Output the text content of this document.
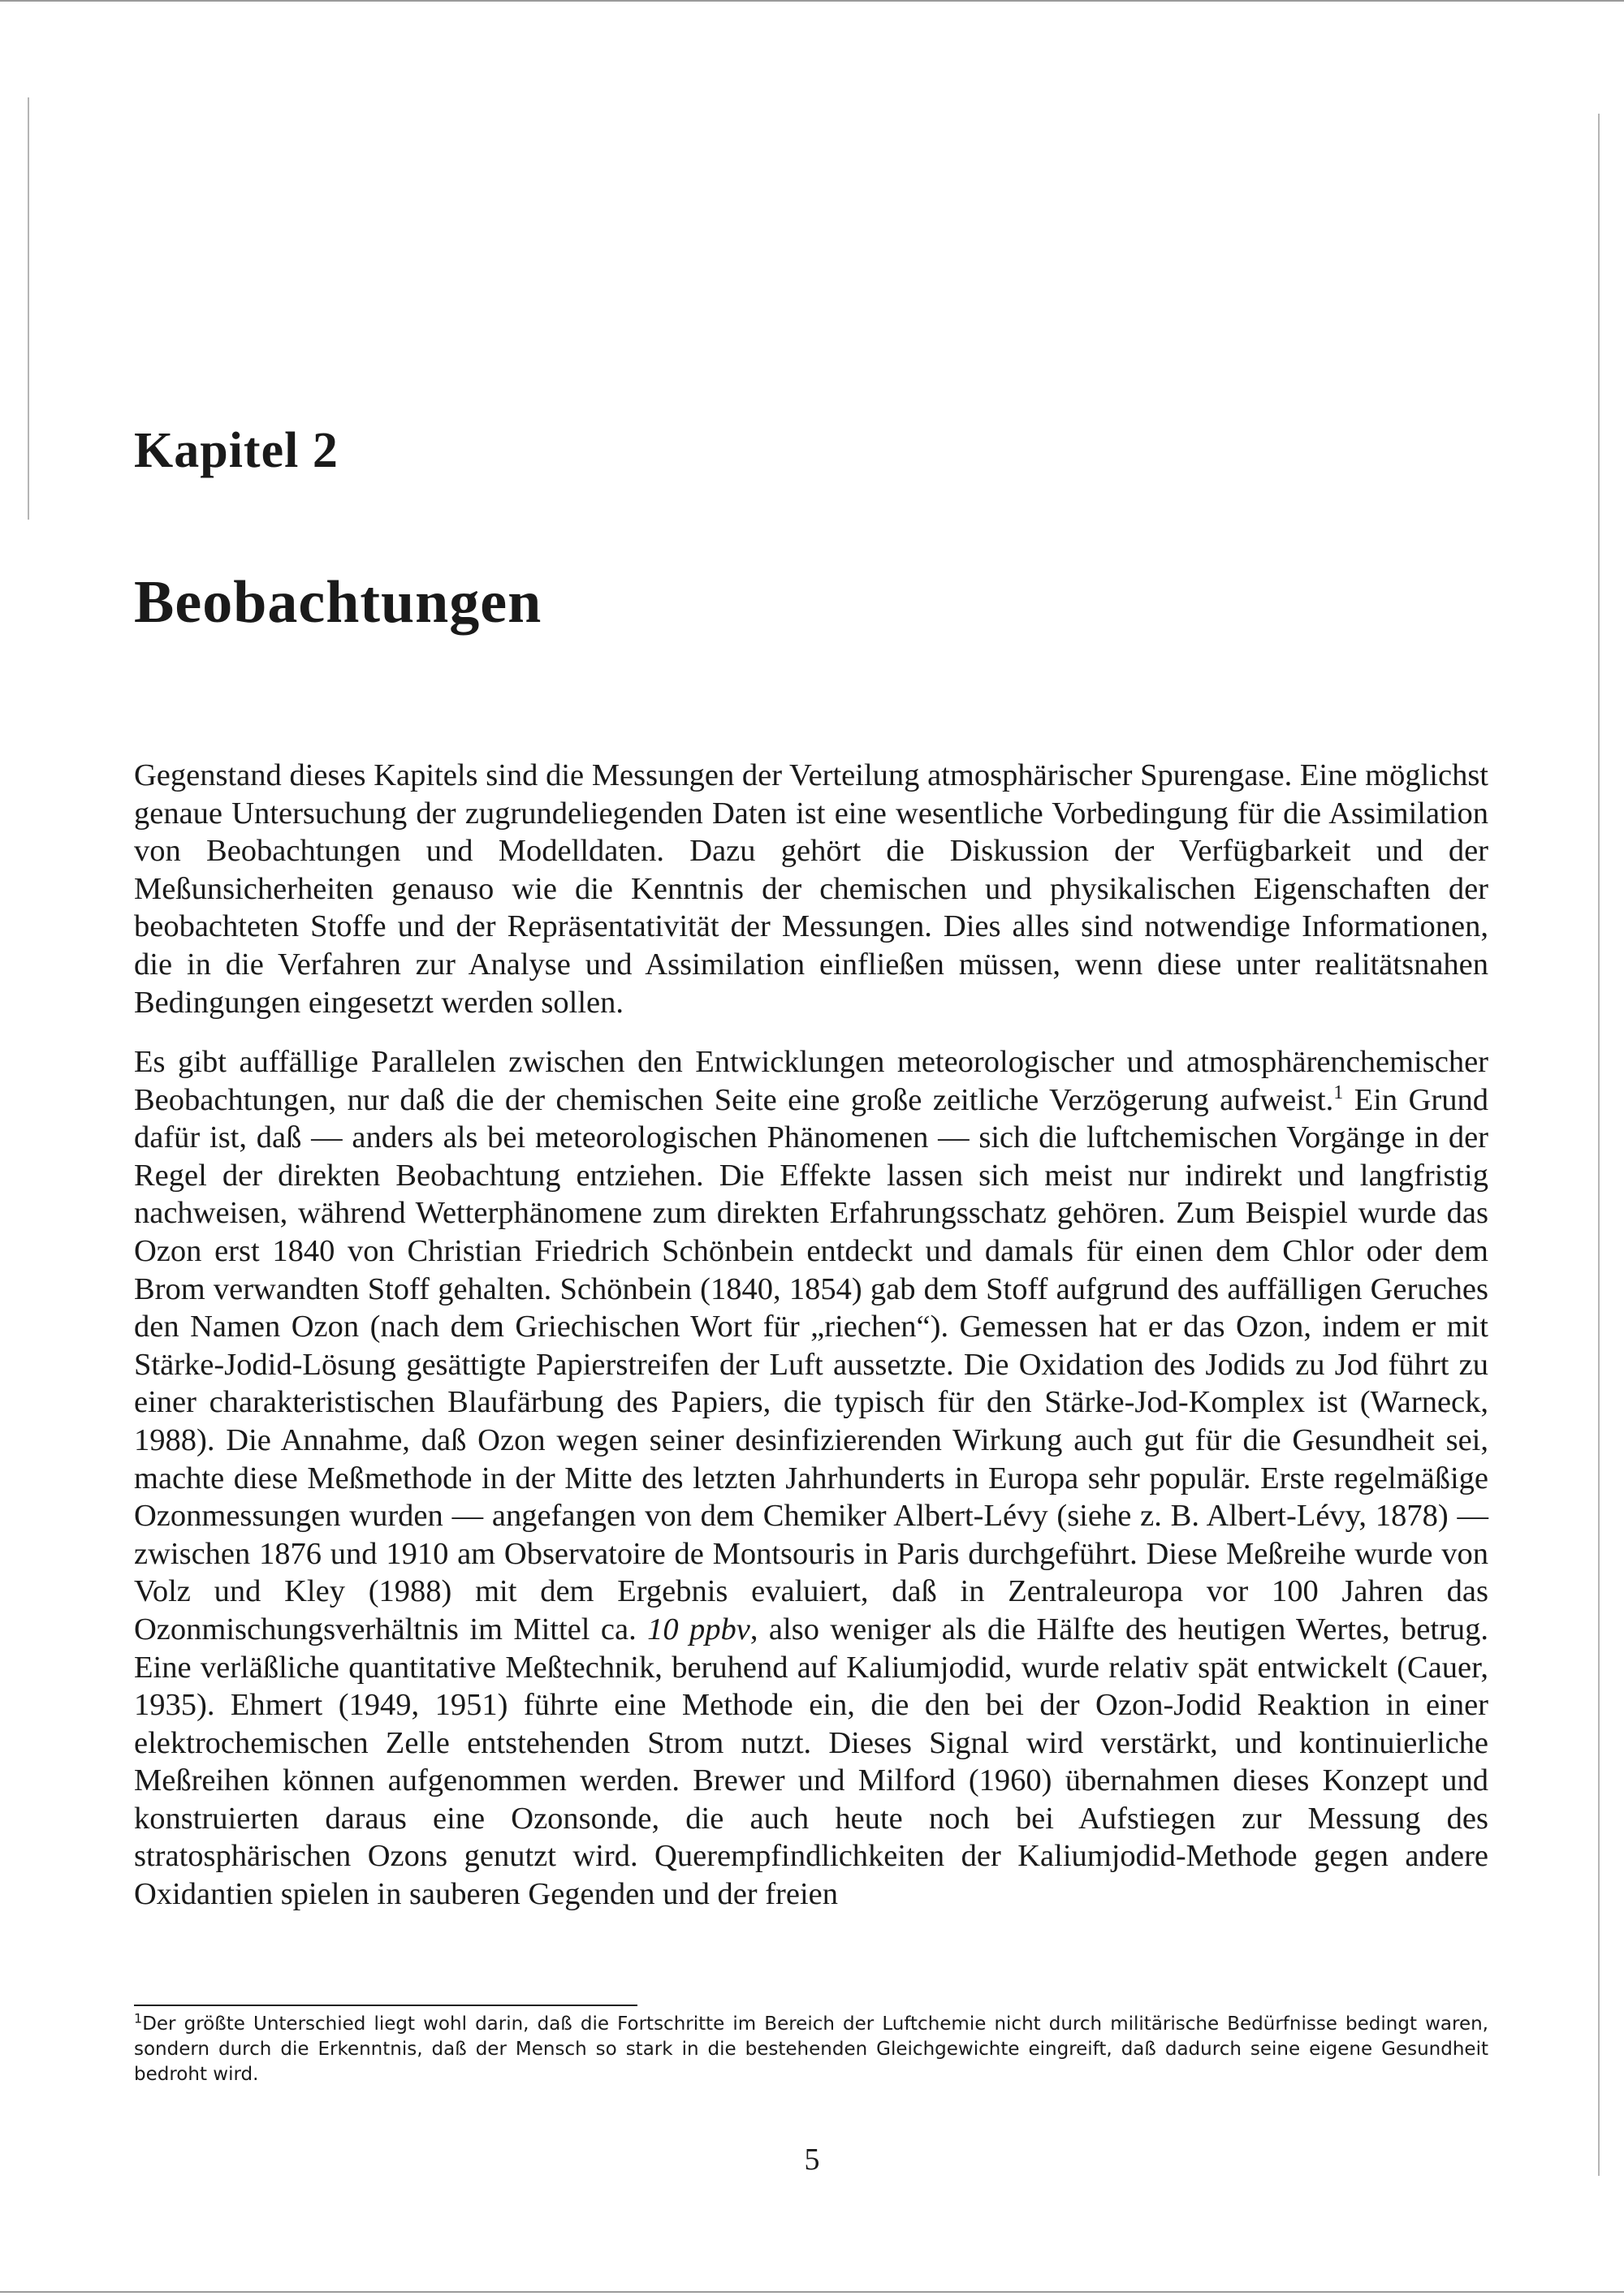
Kapitel 2
Beobachtungen

Gegenstand dieses Kapitels sind die Messungen der Verteilung atmosphärischer Spurengase. Eine möglichst genaue Untersuchung der zugrundeliegenden Daten ist eine wesentliche Vorbedingung für die Assimilation von Beobachtungen und Modelldaten. Dazu gehört die Diskussion der Verfügbarkeit und der Meßunsicherheiten genauso wie die Kenntnis der chemischen und physikalischen Eigenschaften der beobachteten Stoffe und der Repräsentativität der Messungen. Dies alles sind notwendige Informationen, die in die Verfahren zur Analyse und Assimilation einfließen müssen, wenn diese unter realitätsnahen Bedingungen eingesetzt werden sollen.

Es gibt auffällige Parallelen zwischen den Entwicklungen meteorologischer und atmosphärenchemischer Beobachtungen, nur daß die der chemischen Seite eine große zeitliche Verzögerung aufweist.$^1$ Ein Grund dafür ist, daß — anders als bei meteorologischen Phänomenen — sich die luftchemischen Vorgänge in der Regel der direkten Beobachtung entziehen. Die Effekte lassen sich meist nur indirekt und langfristig nachweisen, während Wetterphänomene zum direkten Erfahrungsschatz gehören. Zum Beispiel wurde das Ozon erst 1840 von Christian Friedrich Schönbein entdeckt und damals für einen dem Chlor oder dem Brom verwandten Stoff gehalten. Schönbein (1840, 1854) gab dem Stoff aufgrund des auffälligen Geruches den Namen Ozon (nach dem Griechischen Wort für „riechen“). Gemessen hat er das Ozon, indem er mit Stärke-Jodid-Lösung gesättigte Papierstreifen der Luft aussetzte. Die Oxidation des Jodids zu Jod führt zu einer charakteristischen Blaufärbung des Papiers, die typisch für den Stärke-Jod-Komplex ist (Warneck, 1988). Die Annahme, daß Ozon wegen seiner desinfizierenden Wirkung auch gut für die Gesundheit sei, machte diese Meßmethode in der Mitte des letzten Jahrhunderts in Europa sehr populär. Erste regelmäßige Ozonmessungen wurden — angefangen von dem Chemiker Albert-Lévy (siehe z. B. Albert-Lévy, 1878) — zwischen 1876 und 1910 am Observatoire de Montsouris in Paris durchgeführt. Diese Meßreihe wurde von Volz und Kley (1988) mit dem Ergebnis evaluiert, daß in Zentraleuropa vor 100 Jahren das Ozonmischungsverhältnis im Mittel ca. 10 ppbv, also weniger als die Hälfte des heutigen Wertes, betrug. Eine verläßliche quantitative Meßtechnik, beruhend auf Kaliumjodid, wurde relativ spät entwickelt (Cauer, 1935). Ehmert (1949, 1951) führte eine Methode ein, die den bei der Ozon-Jodid Reaktion in einer elektrochemischen Zelle entstehenden Strom nutzt. Dieses Signal wird verstärkt, und kontinuierliche Meßreihen können aufgenommen werden. Brewer und Milford (1960) übernahmen dieses Konzept und konstruierten daraus eine Ozonsonde, die auch heute noch bei Aufstiegen zur Messung des stratosphärischen Ozons genutzt wird. Querempfindlichkeiten der Kaliumjodid-Methode gegen andere Oxidantien spielen in sauberen Gegenden und der freien

$^1$Der größte Unterschied liegt wohl darin, daß die Fortschritte im Bereich der Luftchemie nicht durch militärische Bedürfnisse bedingt waren, sondern durch die Erkenntnis, daß der Mensch so stark in die bestehenden Gleichgewichte eingreift, daß dadurch seine eigene Gesundheit bedroht wird.

5
